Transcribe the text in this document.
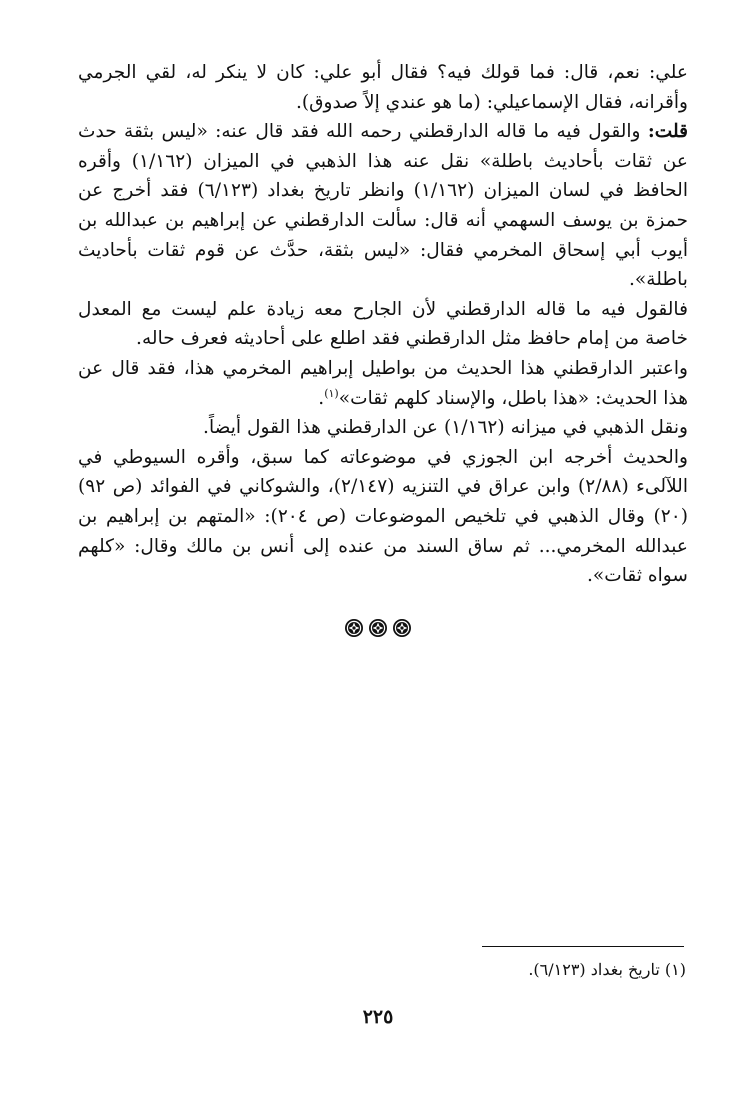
علي: نعم، قال: فما قولك فيه؟ فقال أبو علي: كان لا ينكر له، لقي الجرمي وأقرانه، فقال الإسماعيلي: (ما هو عندي إلاً صدوق).

قلت: والقول فيه ما قاله الدارقطني رحمه الله فقد قال عنه: «ليس بثقة حدث عن ثقات بأحاديث باطلة» نقل عنه هذا الذهبي في الميزان (١/١٦٢) وأقره الحافظ في لسان الميزان (١/١٦٢) وانظر تاريخ بغداد (٦/١٢٣) فقد أخرج عن حمزة بن يوسف السهمي أنه قال: سألت الدارقطني عن إبراهيم بن عبدالله بن أيوب أبي إسحاق المخرمي فقال: «ليس بثقة، حدَّث عن قوم ثقات بأحاديث باطلة».

فالقول فيه ما قاله الدارقطني لأن الجارح معه زيادة علم ليست مع المعدل خاصة من إمام حافظ مثل الدارقطني فقد اطلع على أحاديثه فعرف حاله.

واعتبر الدارقطني هذا الحديث من بواطيل إبراهيم المخرمي هذا، فقد قال عن هذا الحديث: «هذا باطل، والإسناد كلهم ثقات»$^{(١)}$.

ونقل الذهبي في ميزانه (١/١٦٢) عن الدارقطني هذا القول أيضاً.

والحديث أخرجه ابن الجوزي في موضوعاته كما سبق، وأقره السيوطي في اللآلىء (٢/٨٨) وابن عراق في التنزيه (٢/١٤٧)، والشوكاني في الفوائد (ص ٩٢) (٢٠) وقال الذهبي في تلخيص الموضوعات (ص ٢٠٤): «المتهم بن إبراهيم بن عبدالله المخرمي... ثم ساق السند من عنده إلى أنس بن مالك وقال: «كلهم سواه ثقات».

(١) تاريخ بغداد (٦/١٢٣).

٢٢٥
